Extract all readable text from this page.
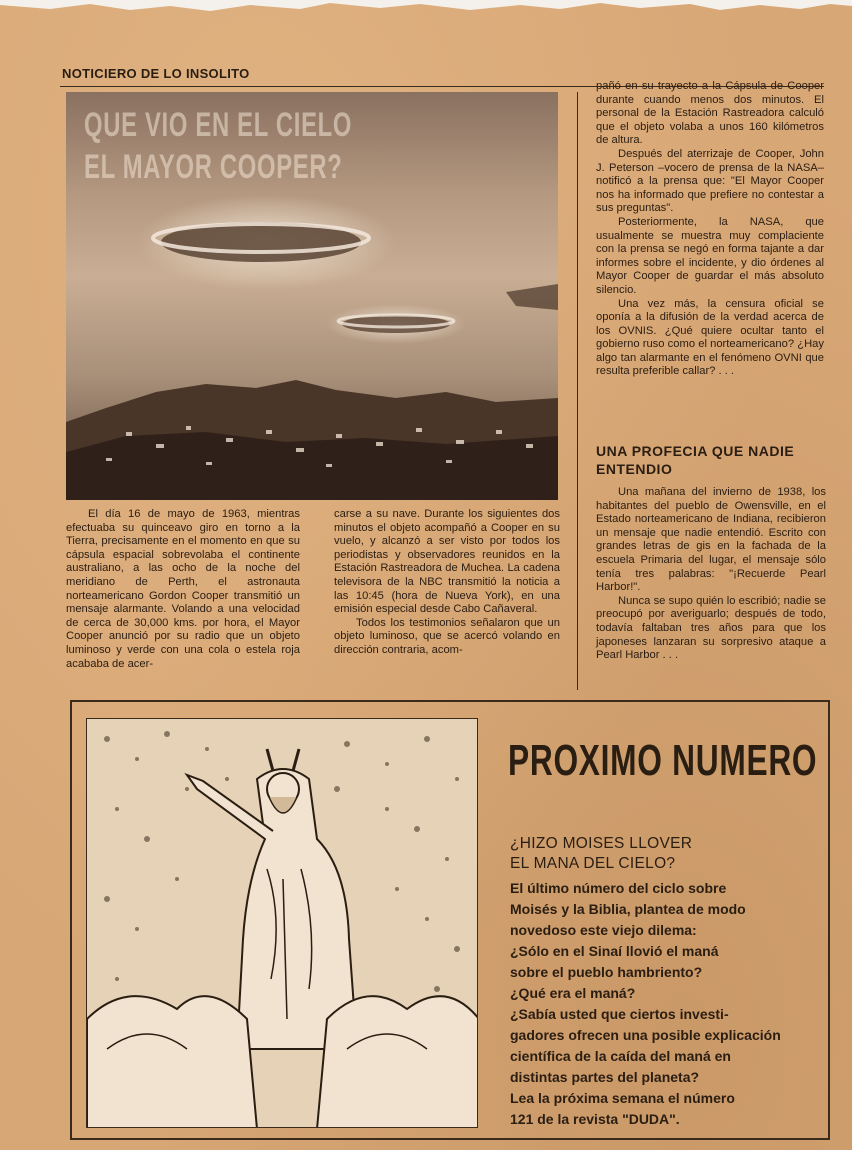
NOTICIERO DE LO INSOLITO
QUE VIO EN EL CIELO
EL MAYOR COOPER?

El día 16 de mayo de 1963, mientras efectuaba su quinceavo giro en torno a la Tierra, precisamente en el momento en que su cápsula espacial sobrevolaba el continente australiano, a las ocho de la noche del meridiano de Perth, el astronauta norteamericano Gordon Cooper transmitió un mensaje alarmante. Volando a una velocidad de cerca de 30,000 kms. por hora, el Mayor Cooper anunció por su radio que un objeto luminoso y verde con una cola o estela roja acababa de acer-

carse a su nave. Durante los siguientes dos minutos el objeto acompañó a Cooper en su vuelo, y alcanzó a ser visto por todos los periodistas y observadores reunidos en la Estación Rastreadora de Muchea. La cadena televisora de la NBC transmitió la noticia a las 10:45 (hora de Nueva York), en una emisión especial desde Cabo Cañaveral.

Todos los testimonios señalaron que un objeto luminoso, que se acercó volando en dirección contraria, acom-

pañó en su trayecto a la Cápsula de Cooper durante cuando menos dos minutos. El personal de la Estación Rastreadora calculó que el objeto volaba a unos 160 kilómetros de altura.

Después del aterrizaje de Cooper, John J. Peterson –vocero de prensa de la NASA– notificó a la prensa que: "El Mayor Cooper nos ha informado que prefiere no contestar a sus preguntas".

Posteriormente, la NASA, que usualmente se muestra muy complaciente con la prensa se negó en forma tajante a dar informes sobre el incidente, y dio órdenes al Mayor Cooper de guardar el más absoluto silencio.

Una vez más, la censura oficial se oponía a la difusión de la verdad acerca de los OVNIS. ¿Qué quiere ocultar tanto el gobierno ruso como el norteamericano? ¿Hay algo tan alarmante en el fenómeno OVNI que resulta preferible callar? . . .

UNA PROFECIA QUE NADIE ENTENDIO

Una mañana del invierno de 1938, los habitantes del pueblo de Owensville, en el Estado norteamericano de Indiana, recibieron un mensaje que nadie entendió. Escrito con grandes letras de gis en la fachada de la escuela Primaria del lugar, el mensaje sólo tenía tres palabras: "¡Recuerde Pearl Harbor!".

Nunca se supo quién lo escribió; nadie se preocupó por averiguarlo; después de todo, todavía faltaban tres años para que los japoneses lanzaran su sorpresivo ataque a Pearl Harbor . . .

PROXIMO NUMERO
¿HIZO MOISES LLOVER
EL MANA DEL CIELO?
El último número del ciclo sobre
Moisés y la Biblia, plantea de modo
novedoso este viejo dilema:
¿Sólo en el Sinaí llovió el maná
sobre el pueblo hambriento?
¿Qué era el maná?
¿Sabía usted que ciertos investi-
gadores ofrecen una posible explicación
científica de la caída del maná en
distintas partes del planeta?
Lea la próxima semana el número
121 de la revista "DUDA".
